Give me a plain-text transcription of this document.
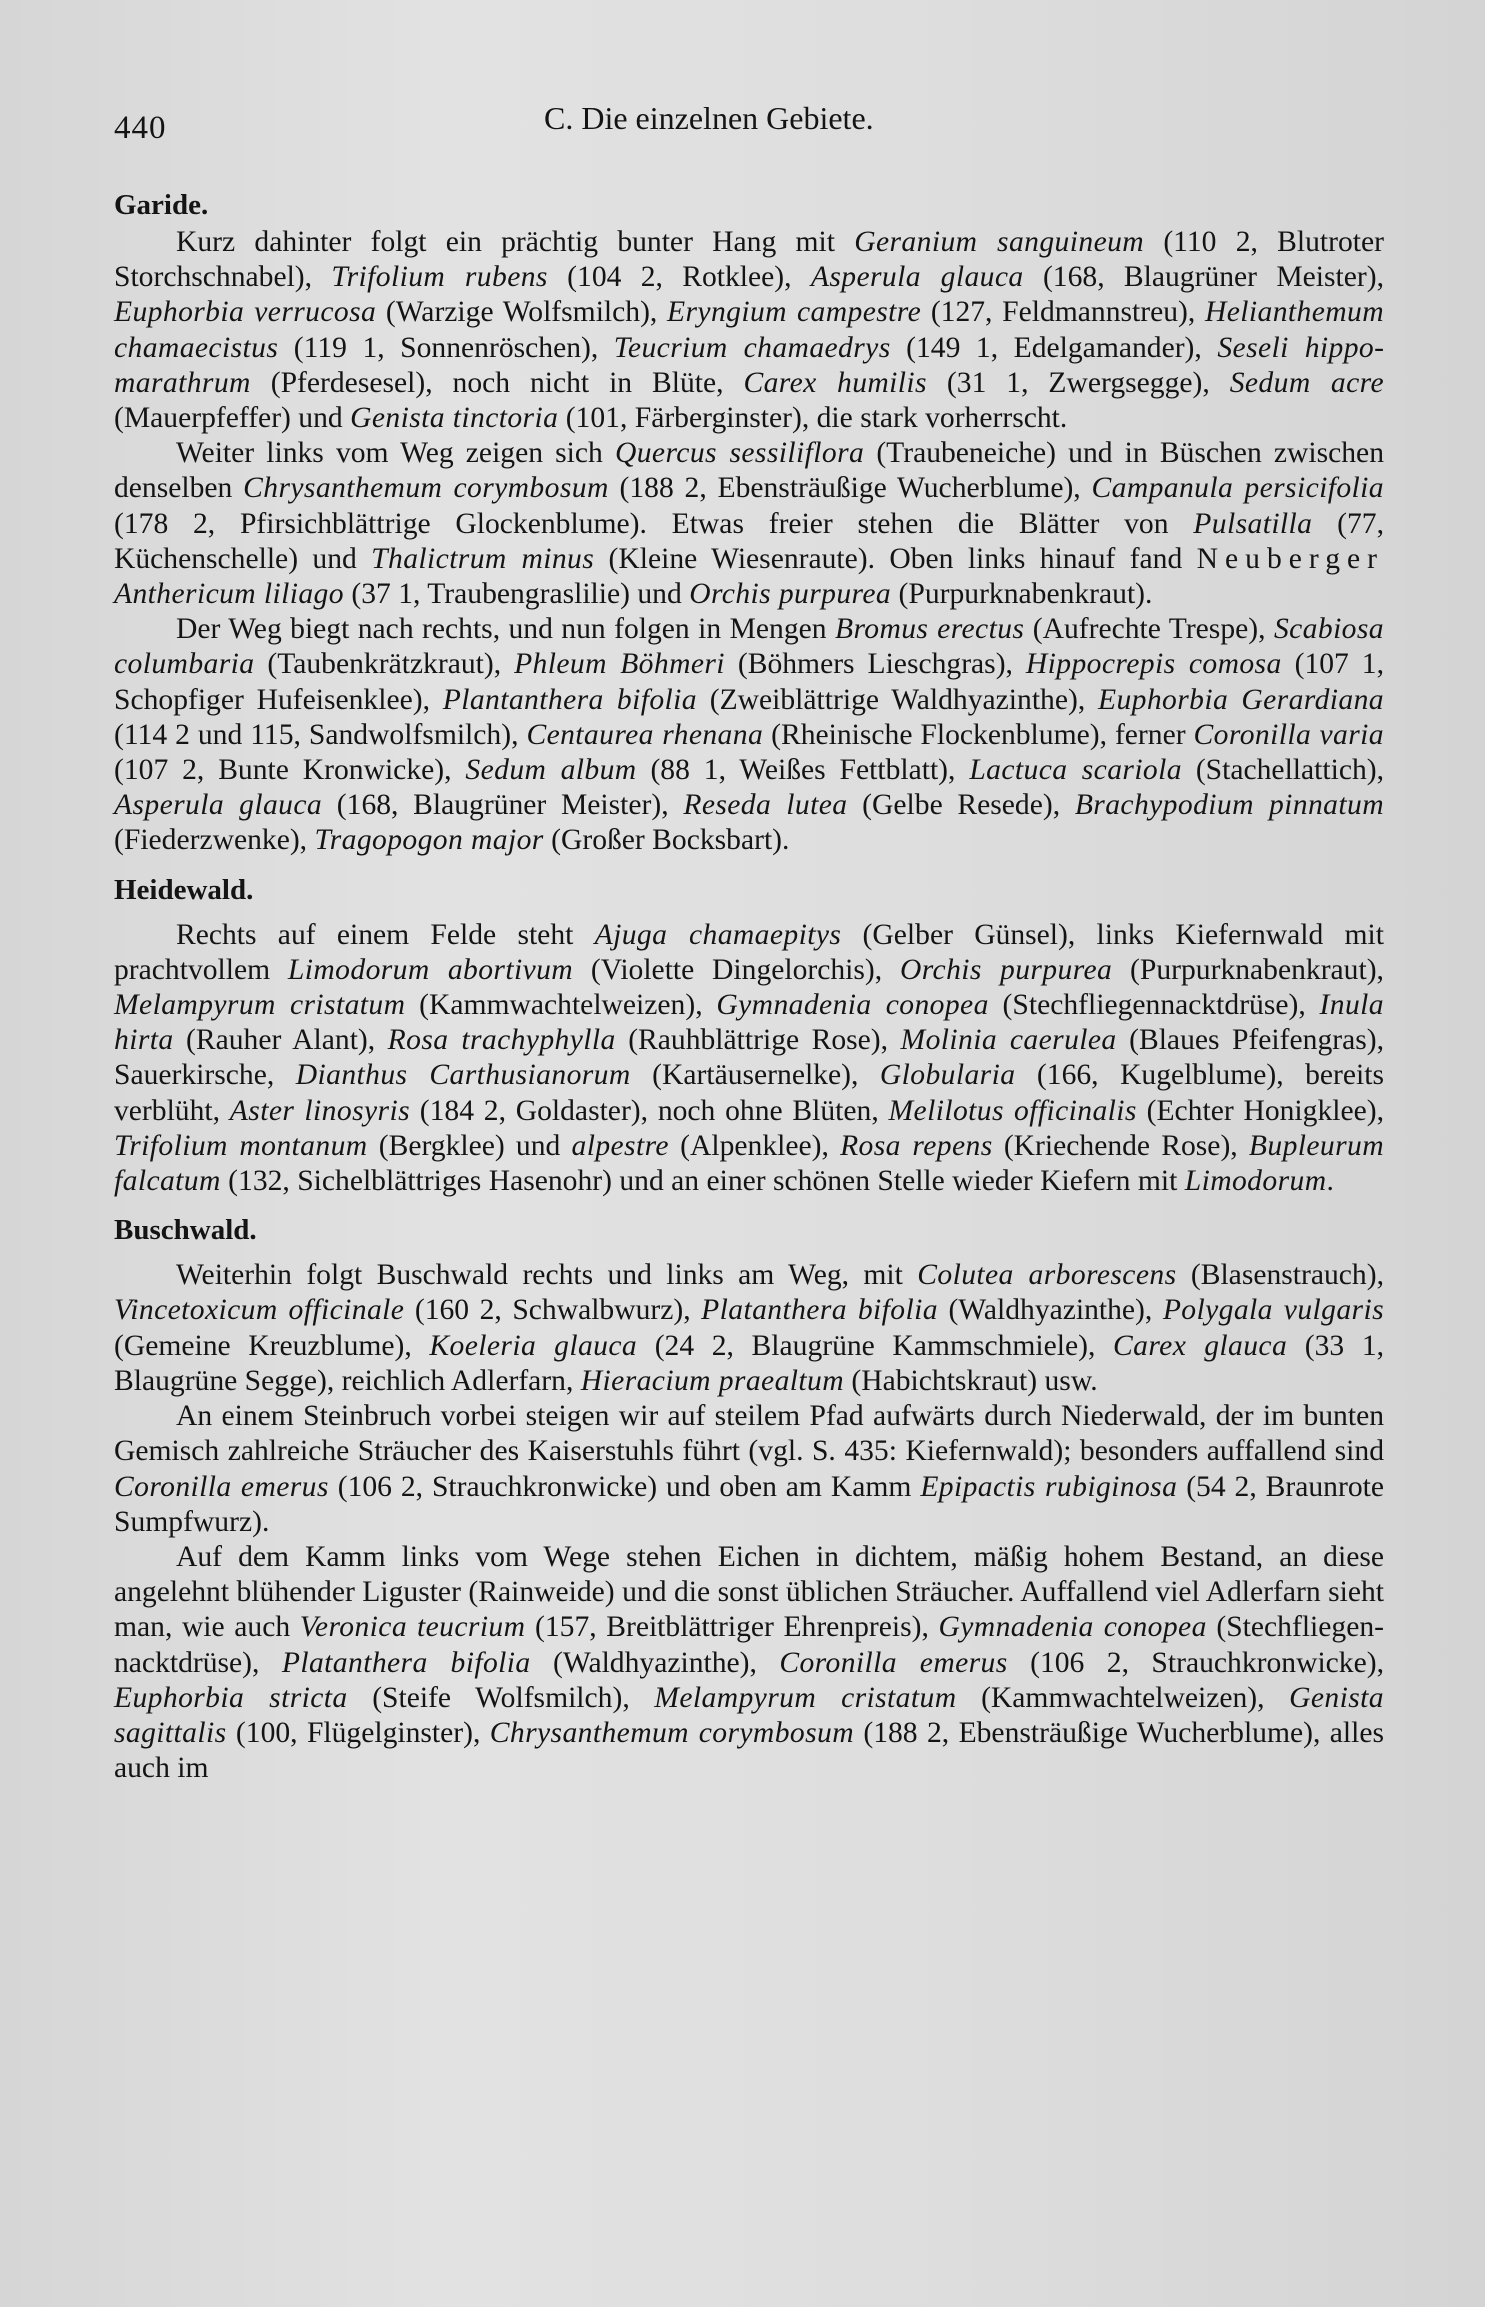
440	C. Die einzelnen Gebiete.
Garide.

Kurz dahinter folgt ein prächtig bunter Hang mit Geranium sanguineum (110 2, Blutroter Storchschnabel), Trifolium rubens (104 2, Rotklee), Asperula glauca (168, Blaugrüner Meister), Euphorbia verrucosa (Warzige Wolfsmilch), Eryngium campestre (127, Feldmannstreu), Helianthemum chamaecistus (119 1, Sonnenröschen), Teucrium chamaedrys (149 1, Edelgamander), Seseli hippomarathrum (Pferdesesel), noch nicht in Blüte, Carex humilis (31 1, Zwergsegge), Sedum acre (Mauerpfeffer) und Genista tinctoria (101, Färberginster), die stark vorherrscht.

Weiter links vom Weg zeigen sich Quercus sessiliflora (Traubeneiche) und in Büschen zwischen denselben Chrysanthemum corymbosum (188 2, Ebensträußige Wucherblume), Campanula persicifolia (178 2, Pfirsichblättrige Glockenblume). Etwas freier stehen die Blätter von Pulsatilla (77, Küchenschelle) und Thalictrum minus (Kleine Wiesenraute). Oben links hinauf fand Neuberger Anthericum liliago (37 1, Traubengraslilie) und Orchis purpurea (Purpurknabenkraut).

Der Weg biegt nach rechts, und nun folgen in Mengen Bromus erectus (Aufrechte Trespe), Scabiosa columbaria (Taubenkrätzkraut), Phleum Böhmeri (Böhmers Lieschgras), Hippocrepis comosa (107 1, Schopfiger Hufeisenklee), Plantanthera bifolia (Zweiblättrige Waldhyazinthe), Euphorbia Gerardiana (114 2 und 115, Sandwolfsmilch), Centaurea rhenana (Rheinische Flockenblume), ferner Coronilla varia (107 2, Bunte Kronwicke), Sedum album (88 1, Weißes Fettblatt), Lactuca scariola (Stachellattich), Asperula glauca (168, Blaugrüner Meister), Reseda lutea (Gelbe Resede), Brachypodium pinnatum (Fiederzwenke), Tragopogon major (Großer Bocksbart).

Heidewald.

Rechts auf einem Felde steht Ajuga chamaepitys (Gelber Günsel), links Kiefernwald mit prachtvollem Limodorum abortivum (Violette Dingelorchis), Orchis purpurea (Purpurknabenkraut), Melampyrum cristatum (Kammwachtelweizen), Gymnadenia conopea (Stechfliegennacktdrüse), Inula hirta (Rauher Alant), Rosa trachyphylla (Rauhblättrige Rose), Molinia caerulea (Blaues Pfeifengras), Sauerkirsche, Dianthus Carthusianorum (Kartäusernelke), Globularia (166, Kugelblume), bereits verblüht, Aster linosyris (184 2, Goldaster), noch ohne Blüten, Melilotus officinalis (Echter Honigklee), Trifolium montanum (Bergklee) und alpestre (Alpenklee), Rosa repens (Kriechende Rose), Bupleurum falcatum (132, Sichelblättriges Hasenohr) und an einer schönen Stelle wieder Kiefern mit Limodorum.

Buschwald.

Weiterhin folgt Buschwald rechts und links am Weg, mit Colutea arborescens (Blasenstrauch), Vincetoxicum officinale (160 2, Schwalbwurz), Platanthera bifolia (Waldhyazinthe), Polygala vulgaris (Gemeine Kreuzblume), Koeleria glauca (24 2, Blaugrüne Kammschmiele), Carex glauca (33 1, Blaugrüne Segge), reichlich Adlerfarn, Hieracium praealtum (Habichtskraut) usw.

An einem Steinbruch vorbei steigen wir auf steilem Pfad aufwärts durch Niederwald, der im bunten Gemisch zahlreiche Sträucher des Kaiserstuhls führt (vgl. S. 435: Kiefernwald); besonders auffallend sind Coronilla emerus (106 2, Strauchkronwicke) und oben am Kamm Epipactis rubiginosa (54 2, Braunrote Sumpfwurz).

Auf dem Kamm links vom Wege stehen Eichen in dichtem, mäßig hohem Bestand, an diese angelehnt blühender Liguster (Rainweide) und die sonst üblichen Sträucher. Auffallend viel Adlerfarn sieht man, wie auch Veronica teucrium (157, Breitblättriger Ehrenpreis), Gymnadenia conopea (Stechfliegennacktdrüse), Platanthera bifolia (Waldhyazinthe), Coronilla emerus (106 2, Strauchkronwicke), Euphorbia stricta (Steife Wolfsmilch), Melampyrum cristatum (Kammwachtelweizen), Genista sagittalis (100, Flügelginster), Chrysanthemum corymbosum (188 2, Ebensträußige Wucherblume), alles auch im
